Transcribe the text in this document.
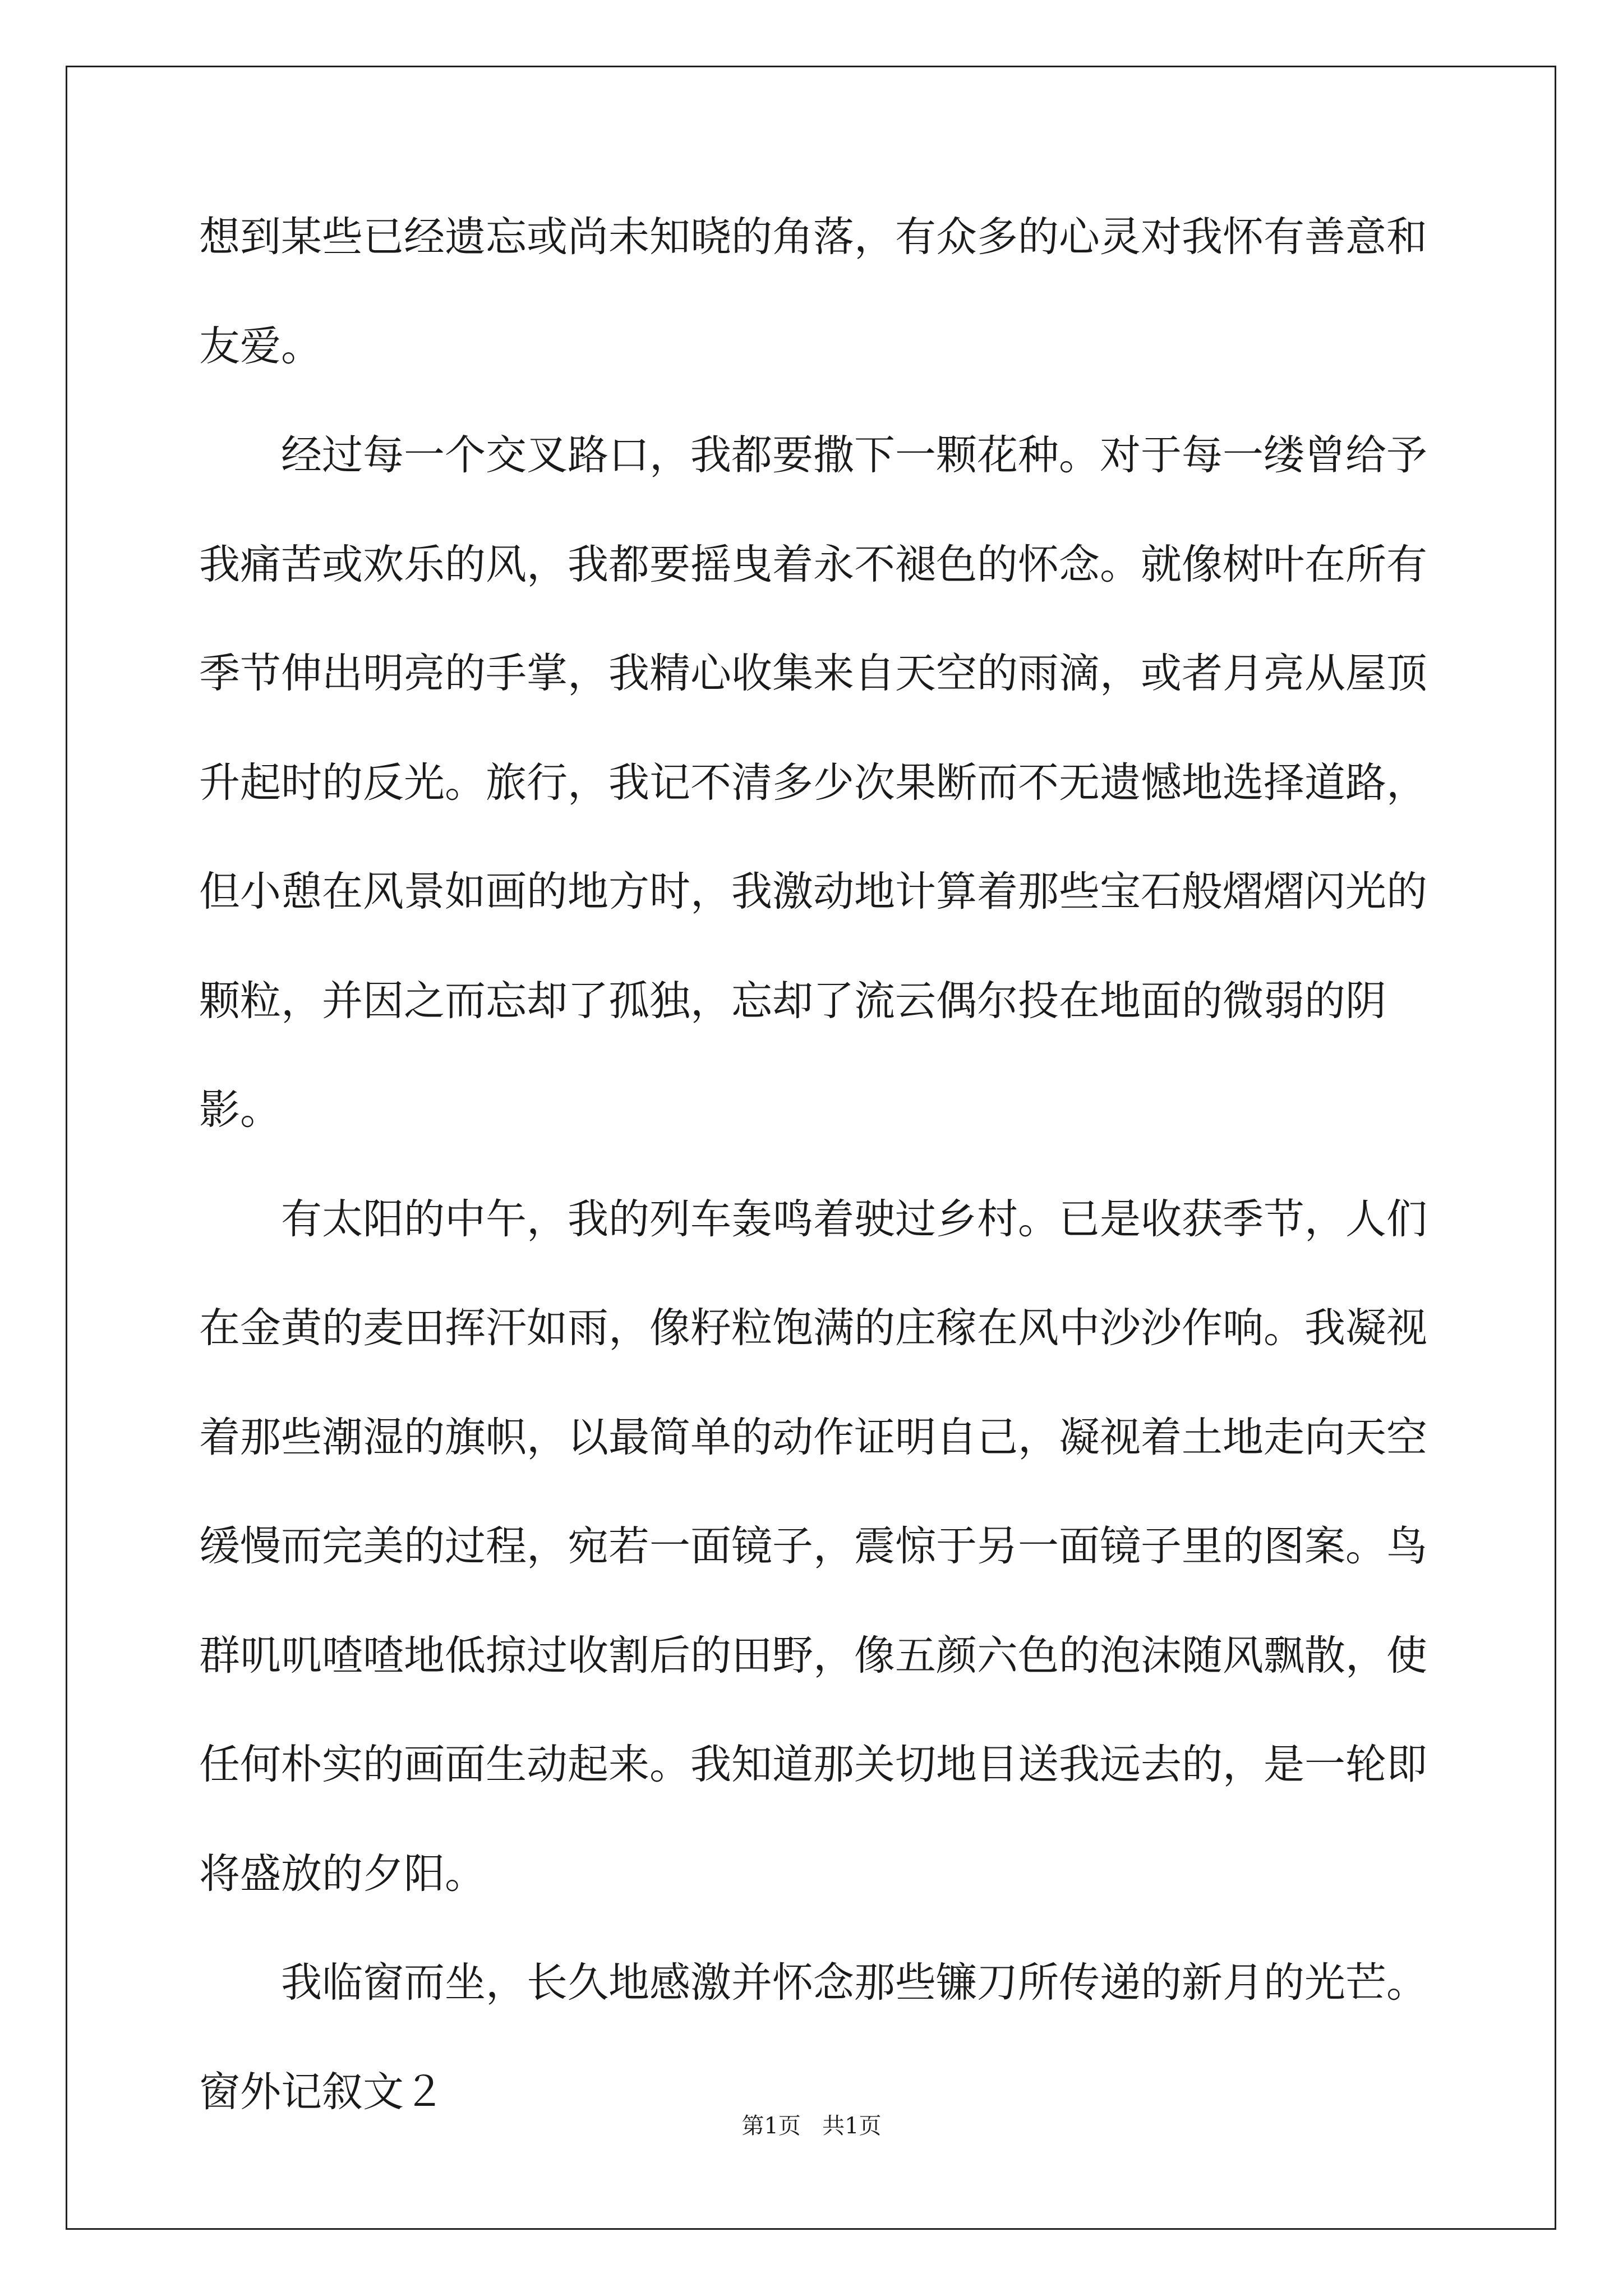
想到某些已经遗忘或尚未知晓的角落，有众多的心灵对我怀有善意和
友爱。

经过每一个交叉路口，我都要撒下一颗花种。对于每一缕曾给予
我痛苦或欢乐的风，我都要摇曳着永不褪色的怀念。就像树叶在所有
季节伸出明亮的手掌，我精心收集来自天空的雨滴，或者月亮从屋顶
升起时的反光。旅行，我记不清多少次果断而不无遗憾地选择道路，
但小憩在风景如画的地方时，我激动地计算着那些宝石般熠熠闪光的
颗粒，并因之而忘却了孤独，忘却了流云偶尔投在地面的微弱的阴影。

有太阳的中午，我的列车轰鸣着驶过乡村。已是收获季节，人们
在金黄的麦田挥汗如雨，像籽粒饱满的庄稼在风中沙沙作响。我凝视
着那些潮湿的旗帜，以最简单的动作证明自己，凝视着土地走向天空
缓慢而完美的过程，宛若一面镜子，震惊于另一面镜子里的图案。鸟
群叽叽喳喳地低掠过收割后的田野，像五颜六色的泡沫随风飘散，使
任何朴实的画面生动起来。我知道那关切地目送我远去的，是一轮即
将盛放的夕阳。

我临窗而坐，长久地感激并怀念那些镰刀所传递的新月的光芒。

窗外记叙文２

第1页 共1页
